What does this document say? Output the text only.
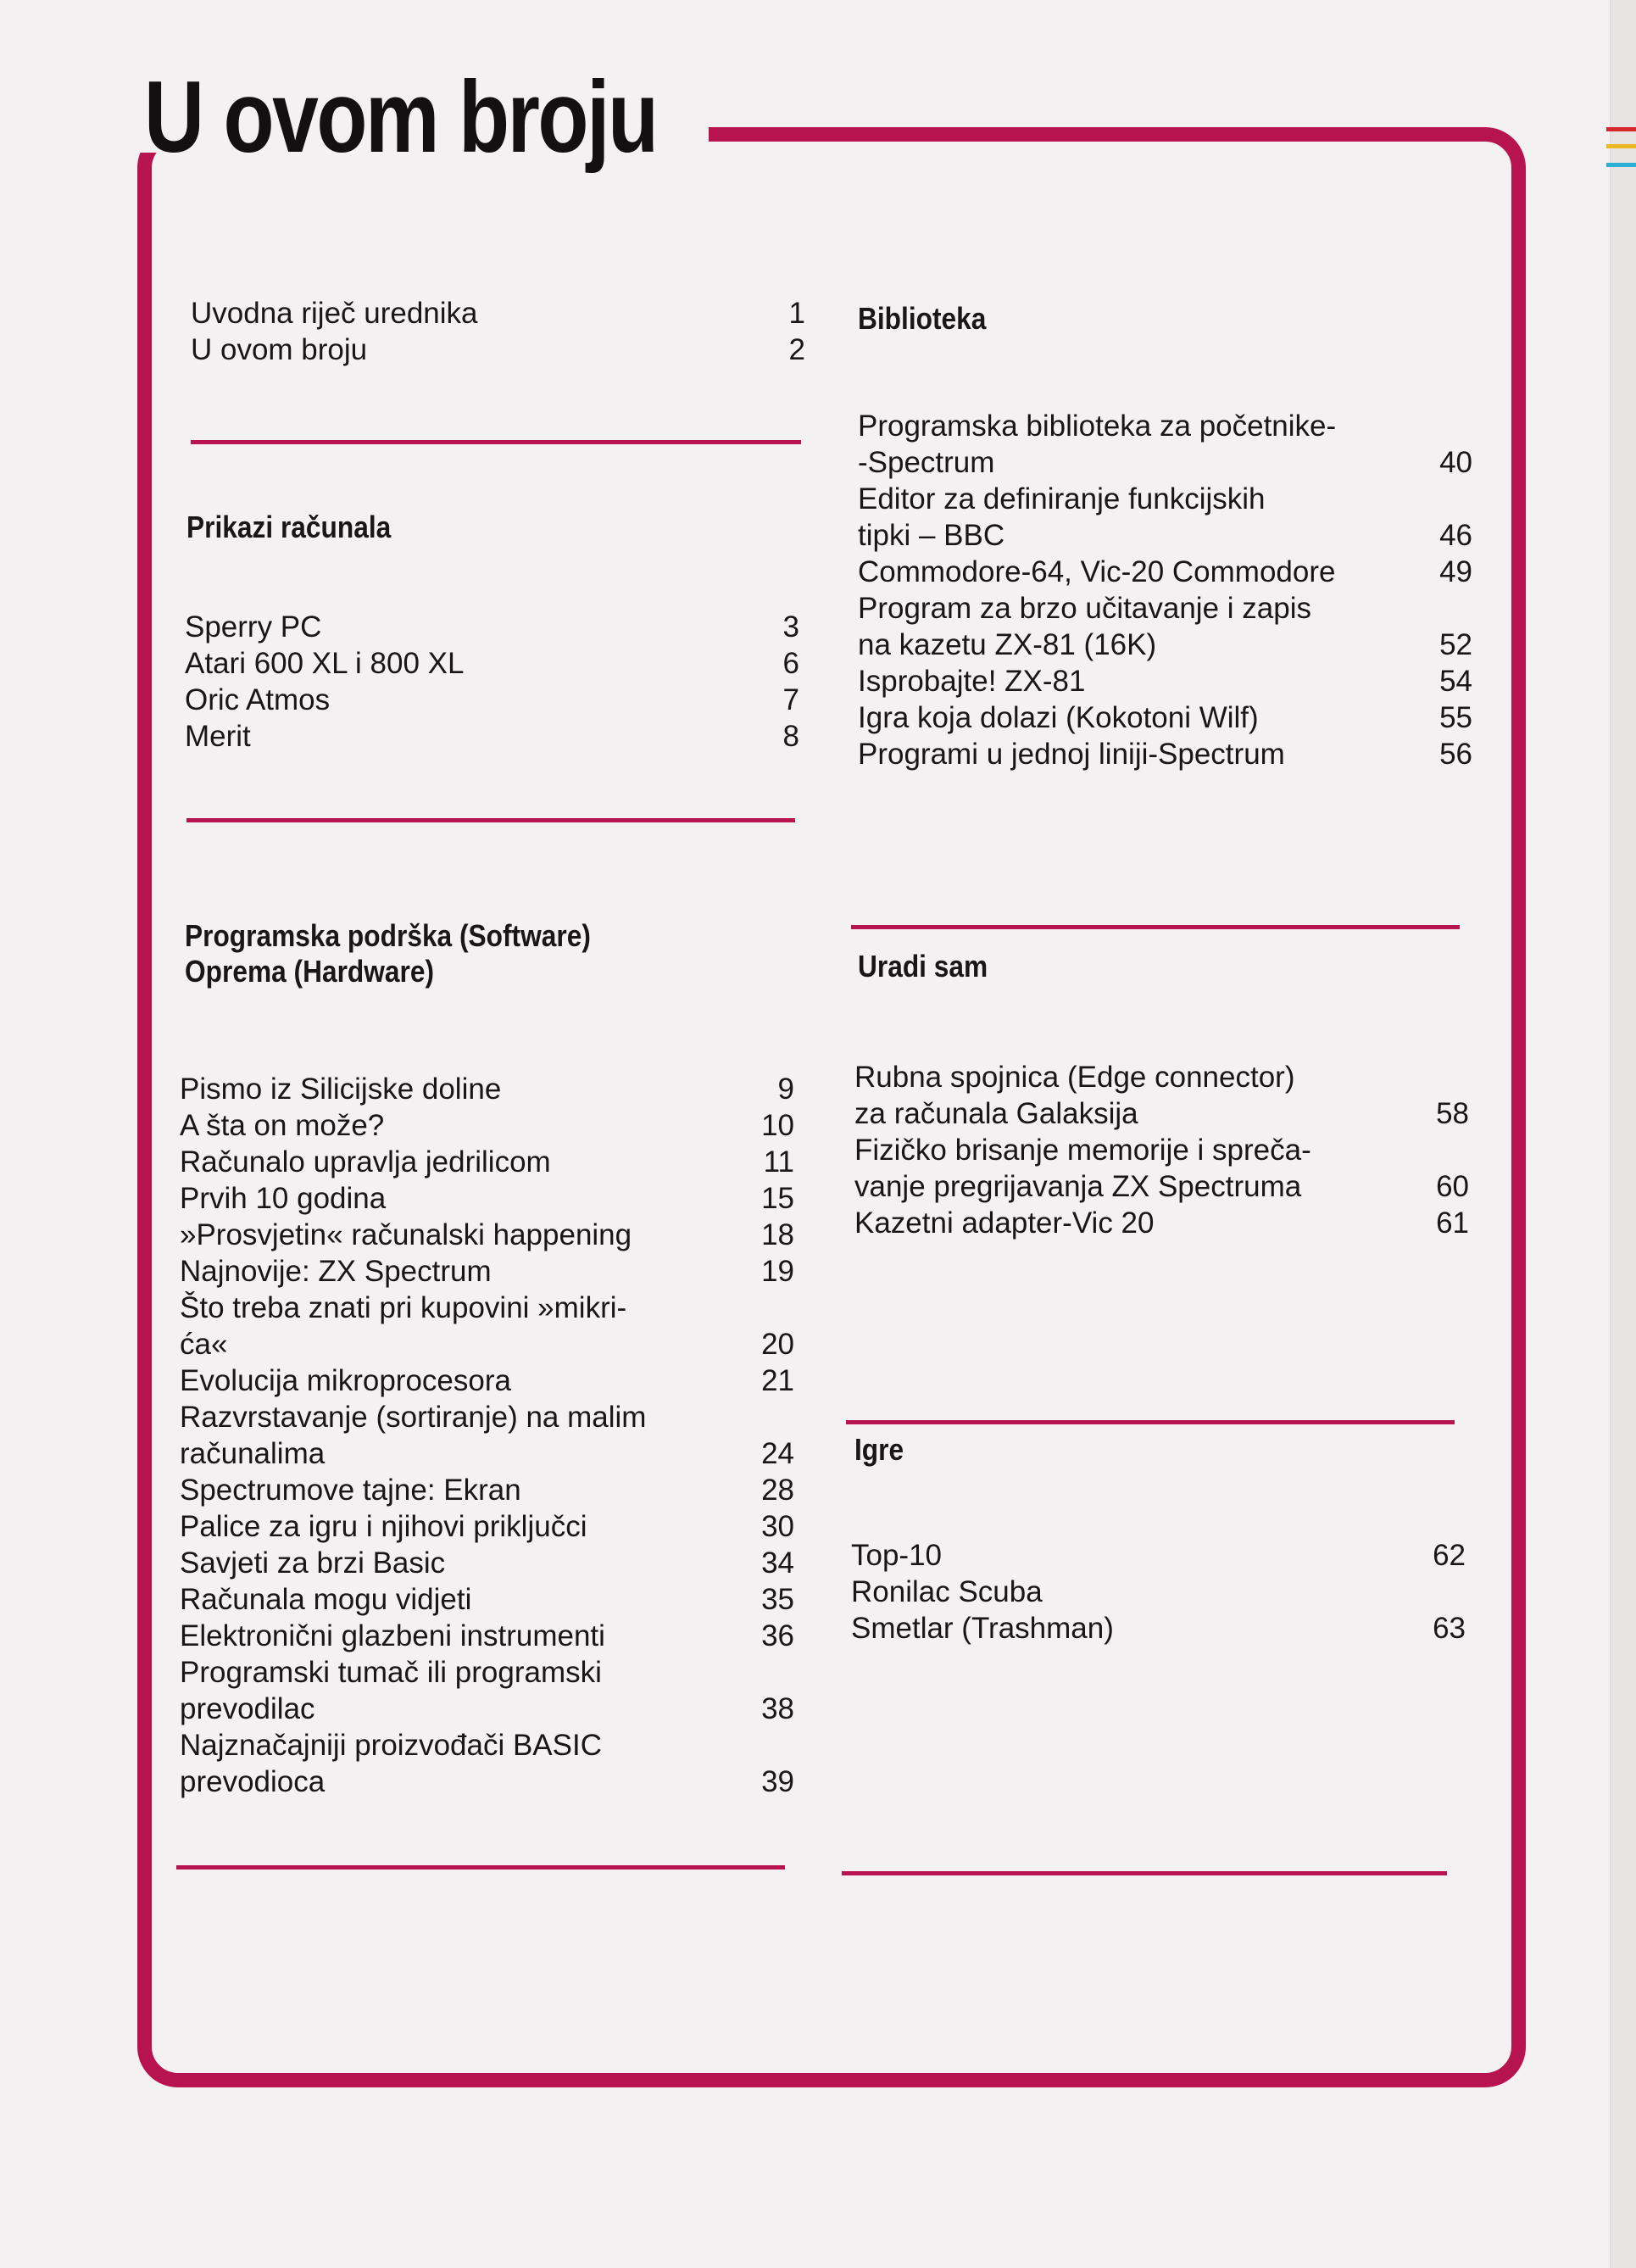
U ovom broju
Uvodna riječ urednika	1
U ovom broju	2
Prikazi računala
Sperry PC	3
Atari 600 XL i 800 XL	6
Oric Atmos	7
Merit	8
Programska podrška (Software)
Oprema (Hardware)
Pismo iz Silicijske doline	9
A šta on može?	10
Računalo upravlja jedrilicom	11
Prvih 10 godina	15
»Prosvjetin« računalski happening	18
Najnovije: ZX Spectrum	19
Što treba znati pri kupovini »mikri-
ća«	20
Evolucija mikroprocesora	21
Razvrstavanje (sortiranje) na malim
računalima	24
Spectrumove tajne: Ekran	28
Palice za igru i njihovi priključci	30
Savjeti za brzi Basic	34
Računala mogu vidjeti	35
Elektronični glazbeni instrumenti	36
Programski tumač ili programski
prevodilac	38
Najznačajniji proizvođači BASIC
prevodioca	39
Biblioteka
Programska biblioteka za početnike-
-Spectrum	40
Editor za definiranje funkcijskih
tipki – BBC	46
Commodore-64, Vic-20 Commodore	49
Program za brzo učitavanje i zapis
na kazetu ZX-81 (16K)	52
Isprobajte! ZX-81	54
Igra koja dolazi (Kokotoni Wilf)	55
Programi u jednoj liniji-Spectrum	56
Uradi sam
Rubna spojnica (Edge connector)
za računala Galaksija	58
Fizičko brisanje memorije i spreča-
vanje pregrijavanja ZX Spectruma	60
Kazetni adapter-Vic 20	61
Igre
Top-10	62
Ronilac Scuba
Smetlar (Trashman)	63
